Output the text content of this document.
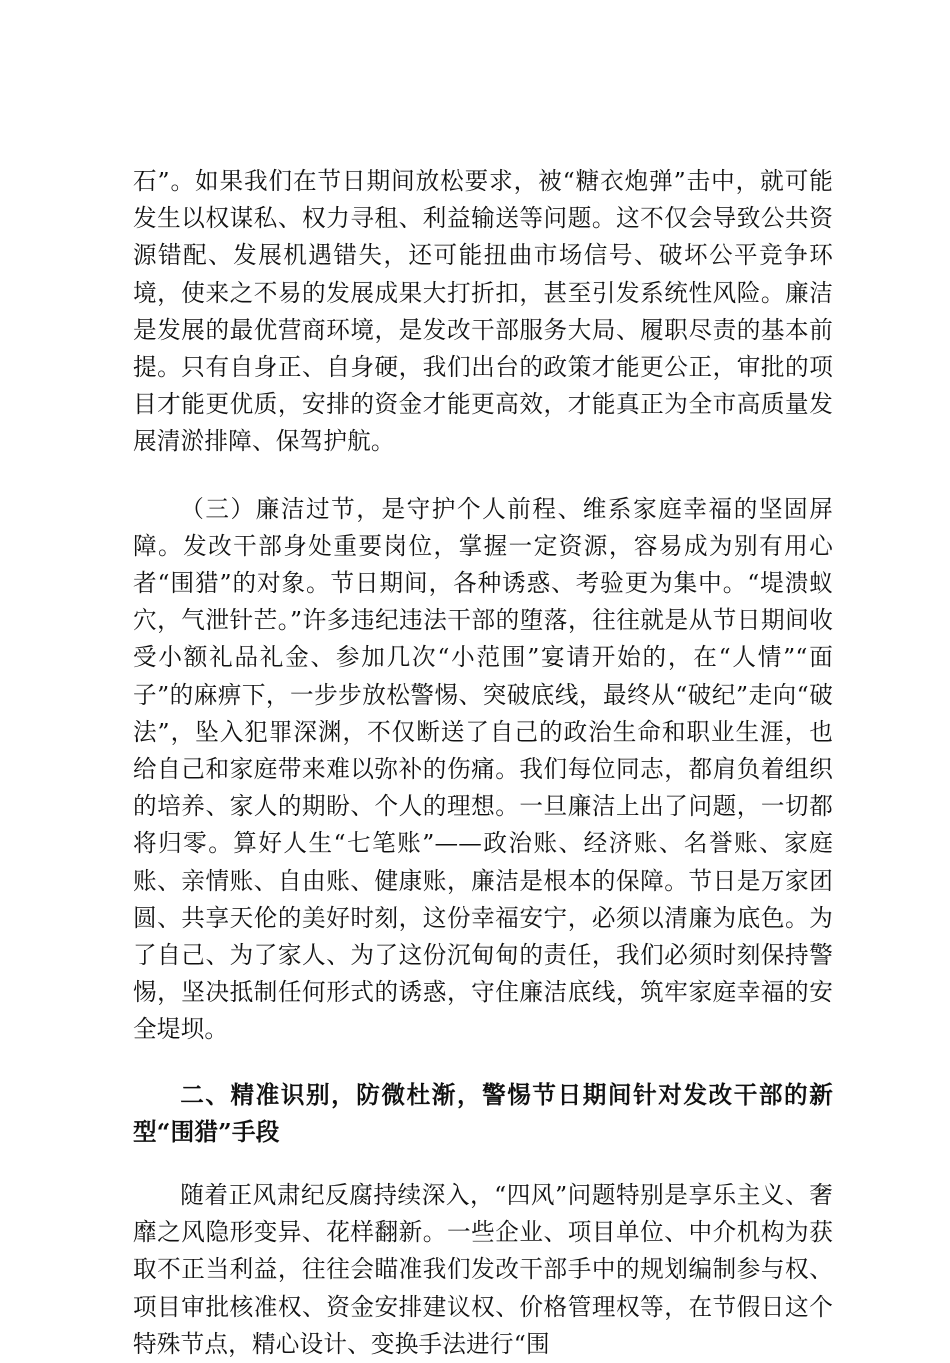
石”。如果我们在节日期间放松要求，被“糖衣炮弹”击中，就可能发生以权谋私、权力寻租、利益输送等问题。这不仅会导致公共资源错配、发展机遇错失，还可能扭曲市场信号、破坏公平竞争环境，使来之不易的发展成果大打折扣，甚至引发系统性风险。廉洁是发展的最优营商环境，是发改干部服务大局、履职尽责的基本前提。只有自身正、自身硬，我们出台的政策才能更公正，审批的项目才能更优质，安排的资金才能更高效，才能真正为全市高质量发展清淤排障、保驾护航。

（三）廉洁过节，是守护个人前程、维系家庭幸福的坚固屏障。发改干部身处重要岗位，掌握一定资源，容易成为别有用心者“围猎”的对象。节日期间，各种诱惑、考验更为集中。“堤溃蚁穴，气泄针芒。”许多违纪违法干部的堕落，往往就是从节日期间收受小额礼品礼金、参加几次“小范围”宴请开始的，在“人情”“面子”的麻痹下，一步步放松警惕、突破底线，最终从“破纪”走向“破法”，坠入犯罪深渊，不仅断送了自己的政治生命和职业生涯，也给自己和家庭带来难以弥补的伤痛。我们每位同志，都肩负着组织的培养、家人的期盼、个人的理想。一旦廉洁上出了问题，一切都将归零。算好人生“七笔账”——政治账、经济账、名誉账、家庭账、亲情账、自由账、健康账，廉洁是根本的保障。节日是万家团圆、共享天伦的美好时刻，这份幸福安宁，必须以清廉为底色。为了自己、为了家人、为了这份沉甸甸的责任，我们必须时刻保持警惕，坚决抵制任何形式的诱惑，守住廉洁底线，筑牢家庭幸福的安全堤坝。

二、精准识别，防微杜渐，警惕节日期间针对发改干部的新型“围猎”手段

随着正风肃纪反腐持续深入，“四风”问题特别是享乐主义、奢靡之风隐形变异、花样翻新。一些企业、项目单位、中介机构为获取不正当利益，往往会瞄准我们发改干部手中的规划编制参与权、项目审批核准权、资金安排建议权、价格管理权等，在节假日这个特殊节点，精心设计、变换手法进行“围
